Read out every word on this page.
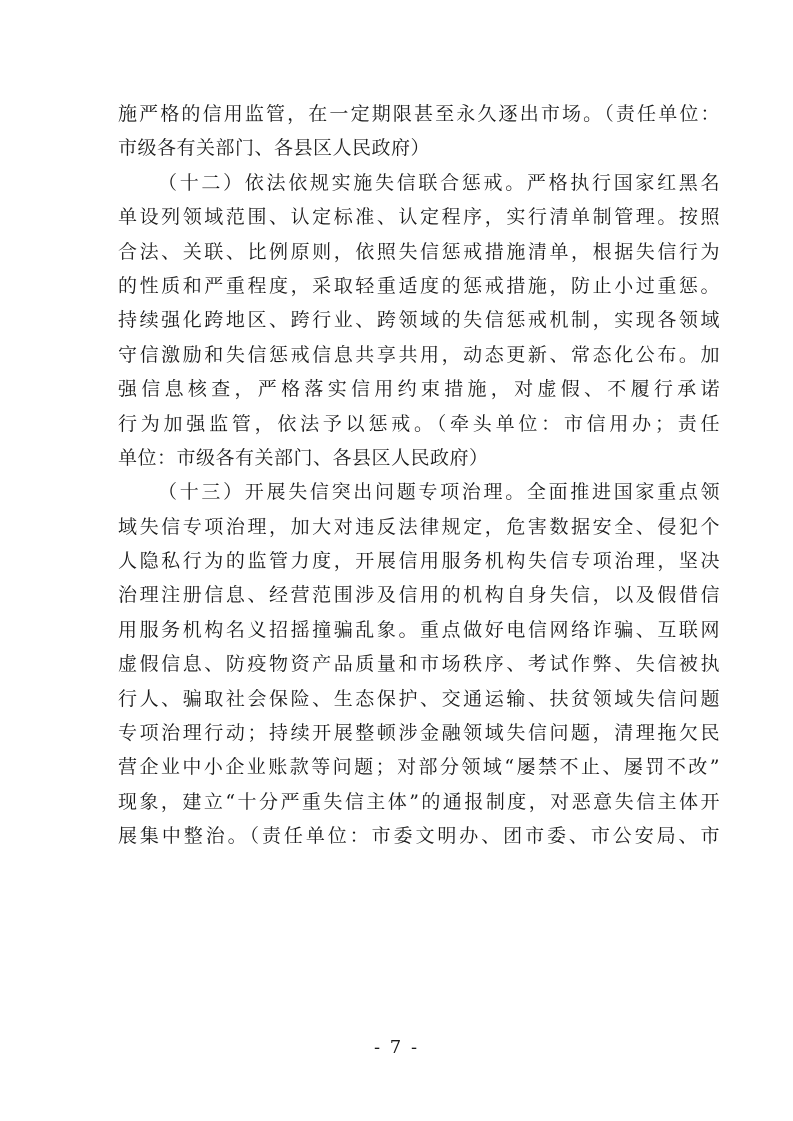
施严格的信用监管，在一定期限甚至永久逐出市场。（责任单位：
市级各有关部门、各县区人民政府）
（十二）依法依规实施失信联合惩戒。严格执行国家红黑名
单设列领域范围、认定标准、认定程序，实行清单制管理。按照
合法、关联、比例原则，依照失信惩戒措施清单，根据失信行为
的性质和严重程度，采取轻重适度的惩戒措施，防止小过重惩。
持续强化跨地区、跨行业、跨领域的失信惩戒机制，实现各领域
守信激励和失信惩戒信息共享共用，动态更新、常态化公布。加
强信息核查，严格落实信用约束措施，对虚假、不履行承诺
行为加强监管，依法予以惩戒。（牵头单位：市信用办；责任
单位：市级各有关部门、各县区人民政府）
（十三）开展失信突出问题专项治理。全面推进国家重点领
域失信专项治理，加大对违反法律规定，危害数据安全、侵犯个
人隐私行为的监管力度，开展信用服务机构失信专项治理，坚决
治理注册信息、经营范围涉及信用的机构自身失信，以及假借信
用服务机构名义招摇撞骗乱象。重点做好电信网络诈骗、互联网
虚假信息、防疫物资产品质量和市场秩序、考试作弊、失信被执
行人、骗取社会保险、生态保护、交通运输、扶贫领域失信问题
专项治理行动；持续开展整顿涉金融领域失信问题，清理拖欠民
营企业中小企业账款等问题；对部分领域“屡禁不止、屡罚不改”
现象，建立“十分严重失信主体”的通报制度，对恶意失信主体开
展集中整治。（责任单位：市委文明办、团市委、市公安局、市
- 7 -
